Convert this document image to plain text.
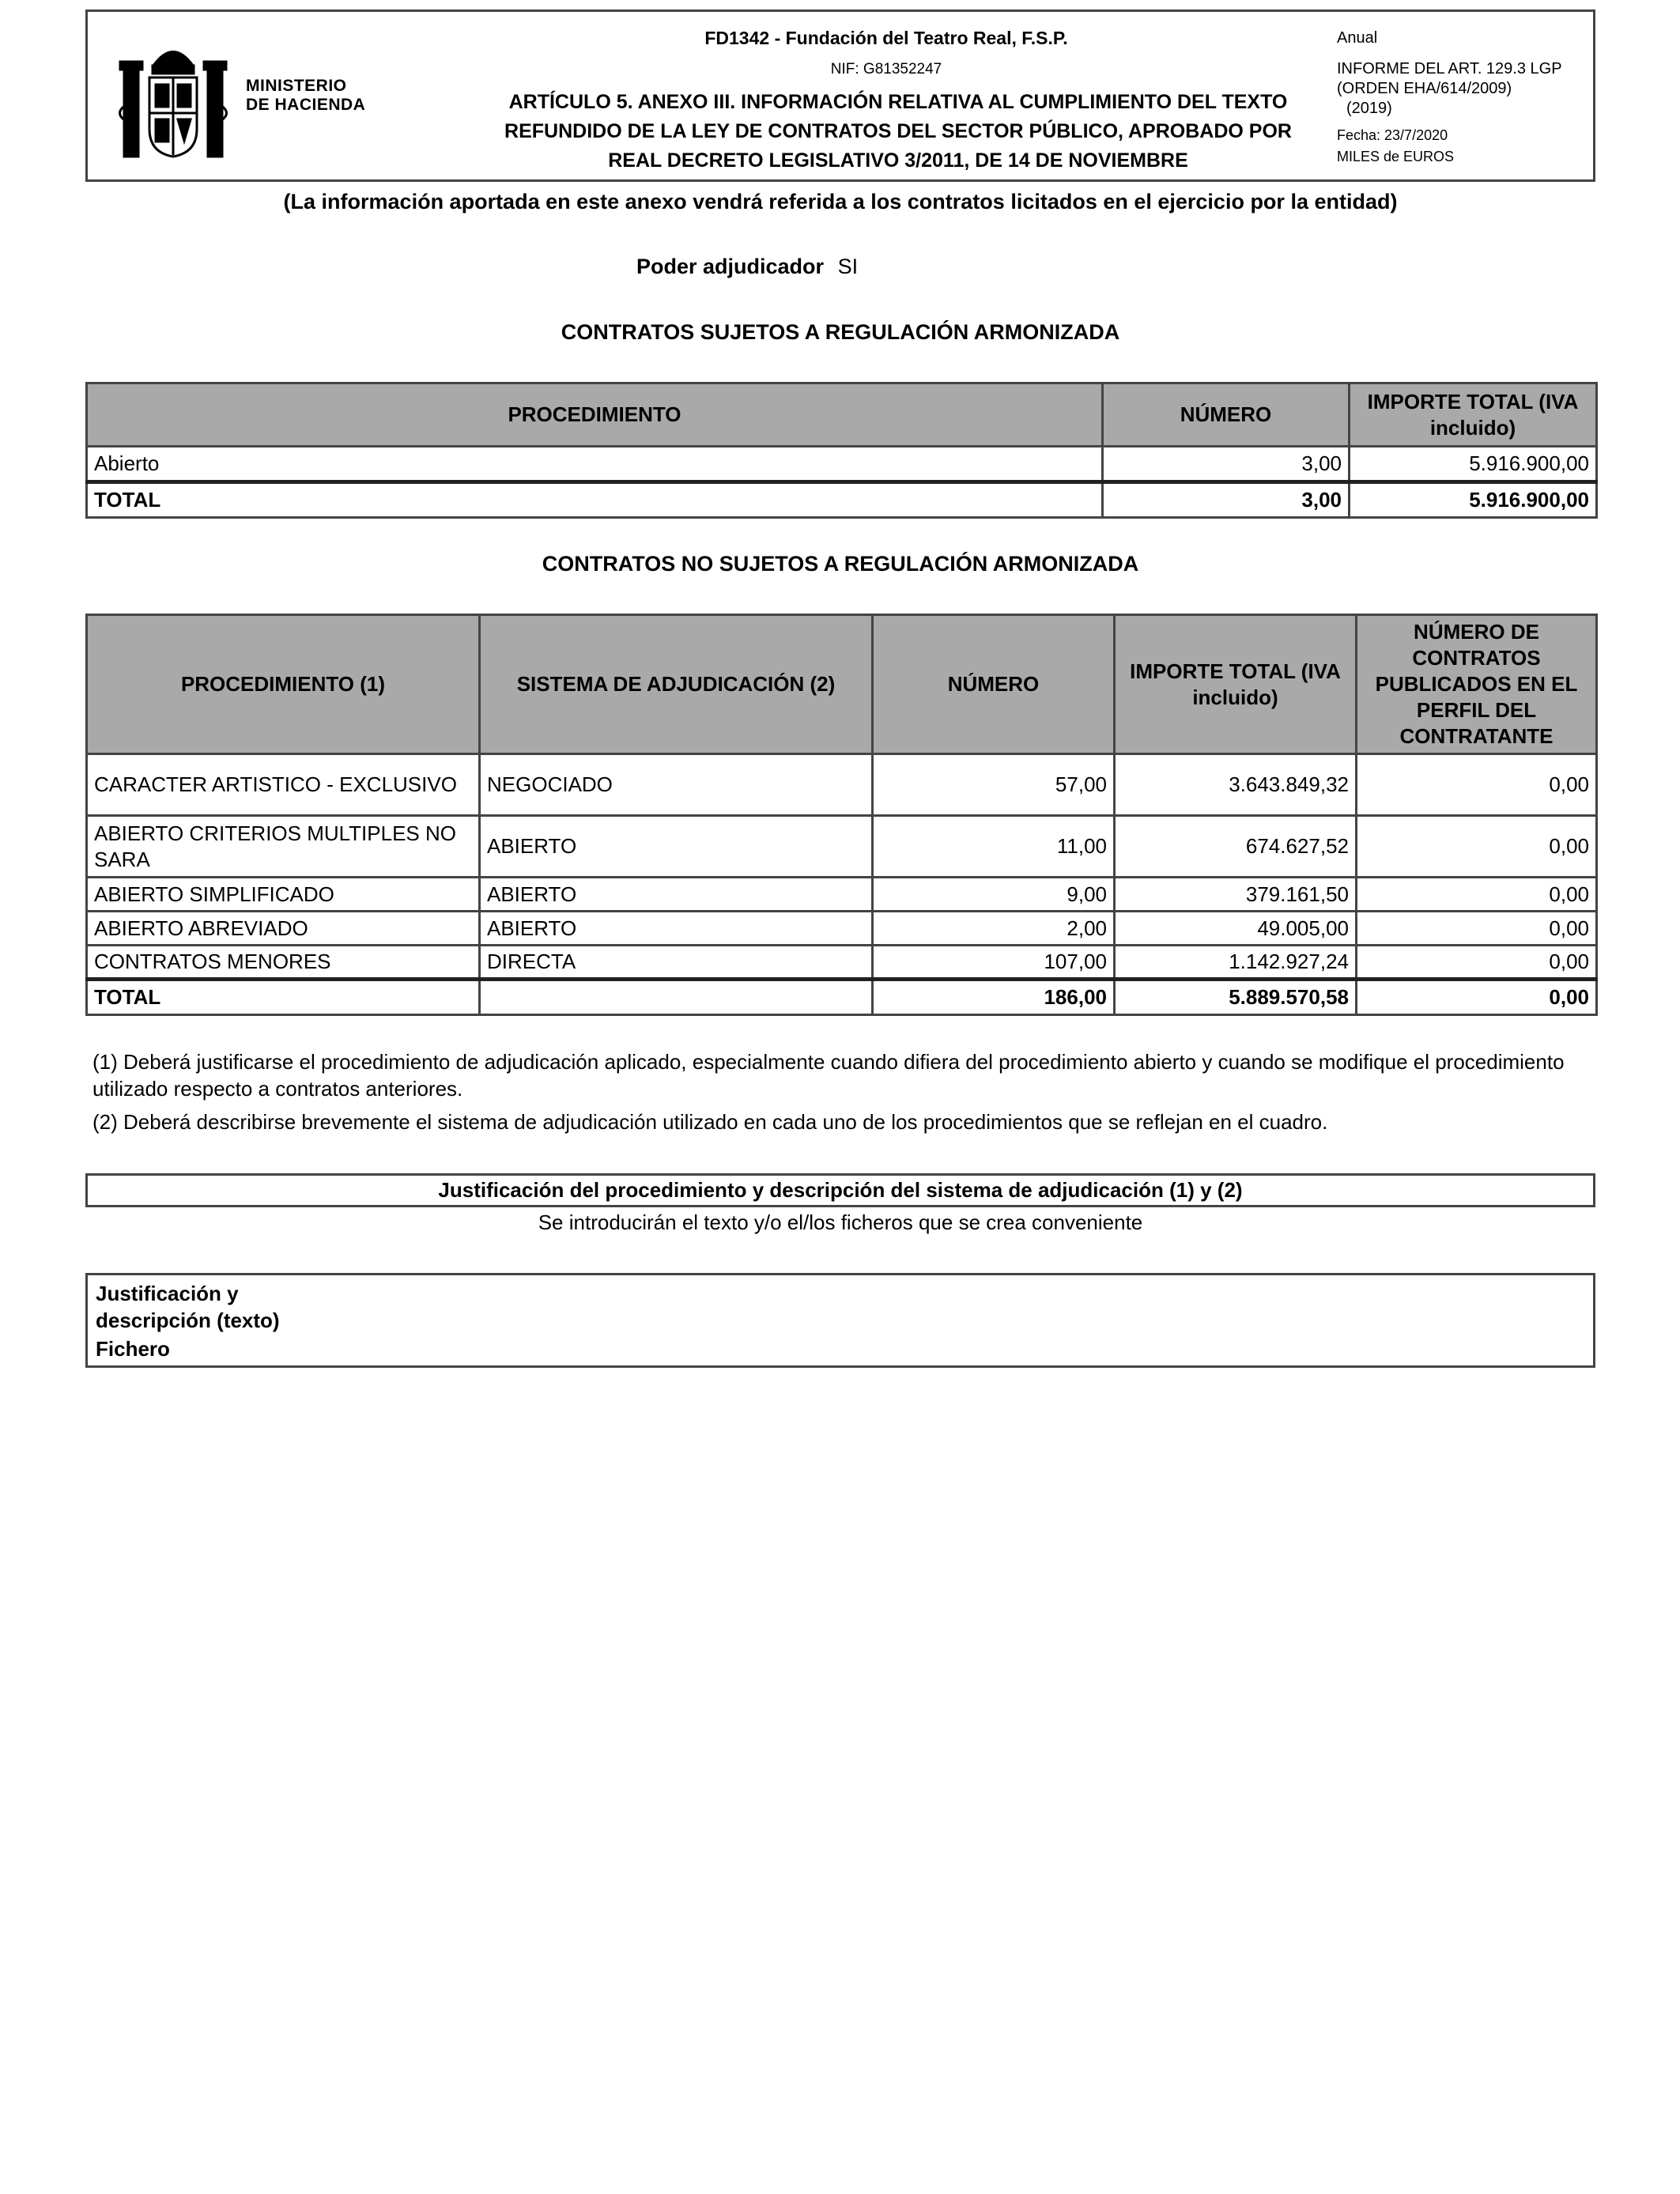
MINISTERIO
DE HACIENDA
FD1342 - Fundación del Teatro Real, F.S.P.
NIF: G81352247
ARTÍCULO 5. ANEXO III. INFORMACIÓN RELATIVA AL CUMPLIMIENTO DEL TEXTO
REFUNDIDO DE LA LEY DE CONTRATOS DEL SECTOR PÚBLICO, APROBADO POR
REAL DECRETO LEGISLATIVO 3/2011, DE 14 DE NOVIEMBRE
Anual
INFORME DEL ART. 129.3 LGP
(ORDEN EHA/614/2009)
(2019)
Fecha: 23/7/2020
MILES de EUROS
(La información aportada en este anexo vendrá referida a los contratos licitados en el ejercicio por la entidad)
Poder adjudicador SI
CONTRATOS SUJETOS A REGULACIÓN ARMONIZADA
PROCEDIMIENTO	NÚMERO	IMPORTE TOTAL (IVA incluido)
Abierto	3,00	5.916.900,00
TOTAL	3,00	5.916.900,00
CONTRATOS NO SUJETOS A REGULACIÓN ARMONIZADA
PROCEDIMIENTO (1)	SISTEMA DE ADJUDICACIÓN (2)	NÚMERO	IMPORTE TOTAL (IVA incluido)	NÚMERO DE CONTRATOS PUBLICADOS EN EL PERFIL DEL CONTRATANTE
CARACTER ARTISTICO - EXCLUSIVO	NEGOCIADO	57,00	3.643.849,32	0,00
ABIERTO CRITERIOS MULTIPLES NO SARA	ABIERTO	11,00	674.627,52	0,00
ABIERTO SIMPLIFICADO	ABIERTO	9,00	379.161,50	0,00
ABIERTO ABREVIADO	ABIERTO	2,00	49.005,00	0,00
CONTRATOS MENORES	DIRECTA	107,00	1.142.927,24	0,00
TOTAL		186,00	5.889.570,58	0,00
(1) Deberá justificarse el procedimiento de adjudicación aplicado, especialmente cuando difiera del procedimiento abierto y cuando se modifique el procedimiento utilizado respecto a contratos anteriores.
(2) Deberá describirse brevemente el sistema de adjudicación utilizado en cada uno de los procedimientos que se reflejan en el cuadro.
Justificación del procedimiento y descripción del sistema de adjudicación (1) y (2)
Se introducirán el texto y/o el/los ficheros que se crea conveniente
Justificación y
descripción (texto)
Fichero
